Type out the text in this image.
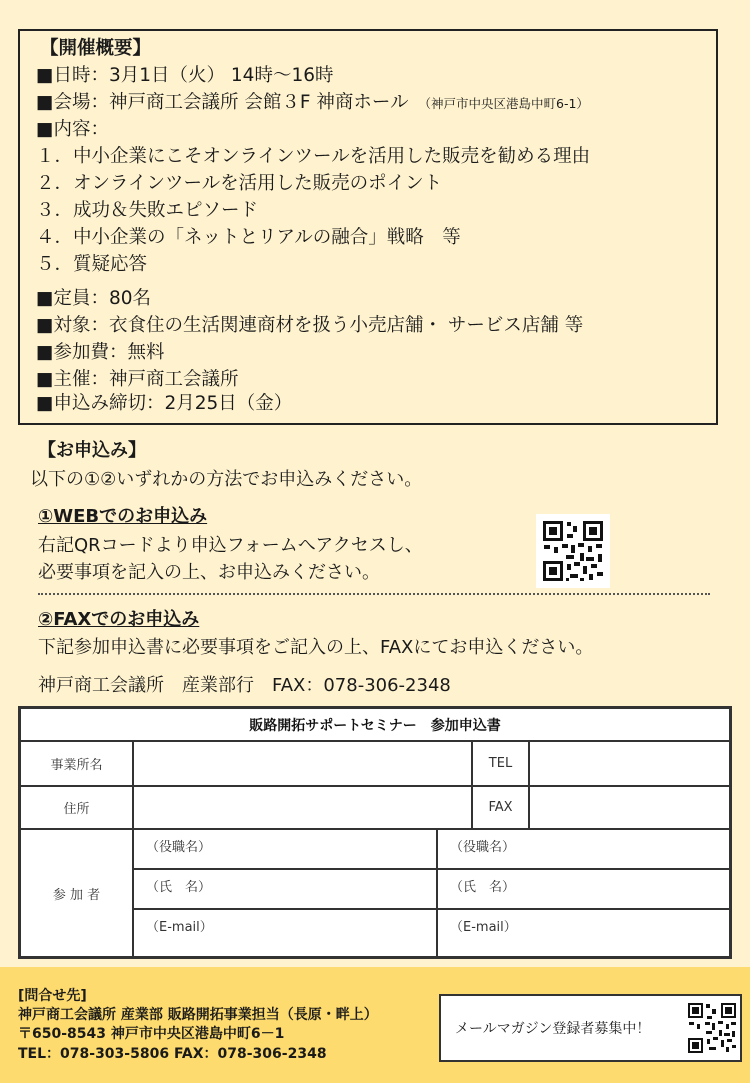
【開催概要】
■日時：3月1日（火） 14時～16時
■会場：神戸商工会議所 会館３F 神商ホール （神戸市中央区港島中町6-1）
■内容：
１．中小企業にこそオンラインツールを活用した販売を勧める理由
２．オンラインツールを活用した販売のポイント
３．成功＆失敗エピソード
４．中小企業の「ネットとリアルの融合」戦略　等
５．質疑応答
■定員：80名
■対象：衣食住の生活関連商材を扱う小売店舗・ サービス店舗 等
■参加費：無料
■主催：神戸商工会議所
■申込み締切：2月25日（金）
【お申込み】
以下の①②いずれかの方法でお申込みください。
①WEBでのお申込み
右記QRコードより申込フォームへアクセスし、
必要事項を記入の上、お申込みください。
②FAXでのお申込み
下記参加申込書に必要事項をご記入の上、FAXにてお申込ください。
神戸商工会議所　産業部行　FAX：078-306-2348
販路開拓サポートセミナー　参加申込書
事業所名	TEL
住所	FAX
参 加 者
（役職名）
（氏　名）
（E-mail）
（役職名）
（氏　名）
（E-mail）
[問合せ先]
神戸商工会議所 産業部 販路開拓事業担当（長原・畔上）
〒650-8543 神戸市中央区港島中町6－1
TEL：078-303-5806 FAX：078-306-2348
メールマガジン登録者募集中！
